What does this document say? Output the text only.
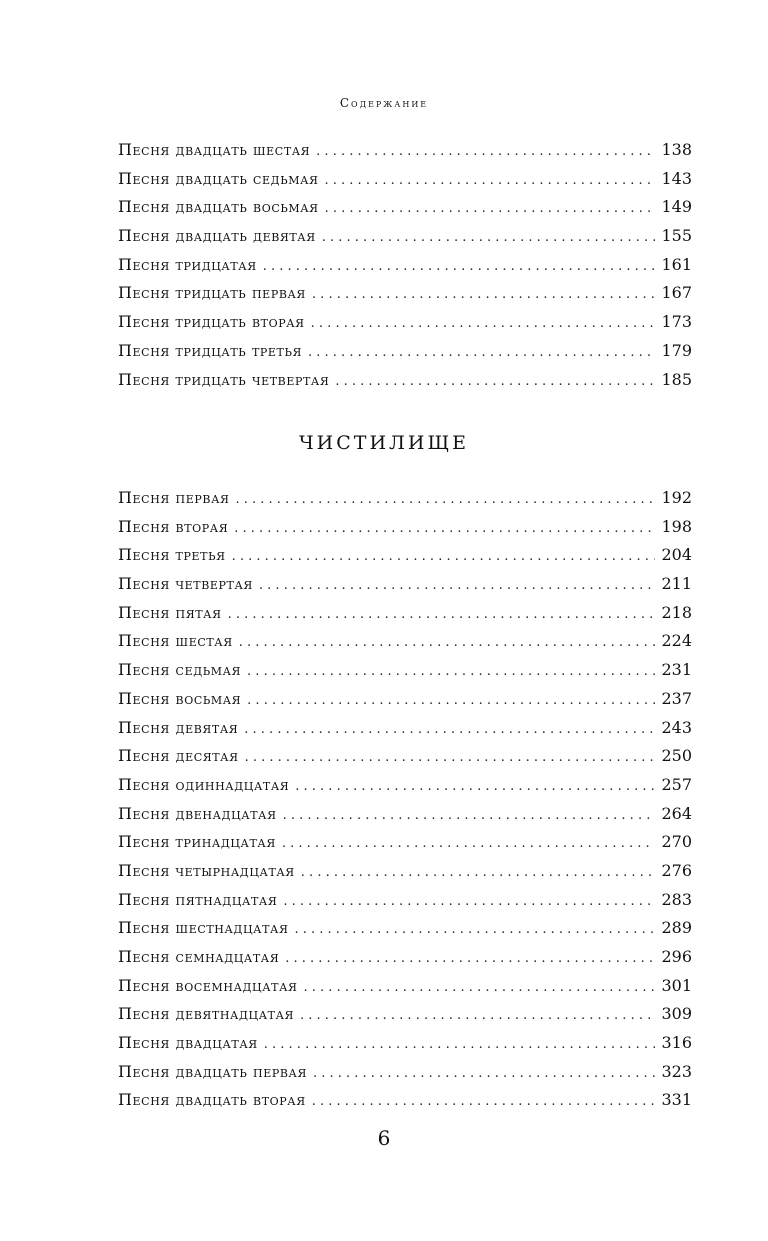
Содержание
Песня двадцать шестая . . .	138
Песня двадцать седьмая . . .	143
Песня двадцать восьмая . . .	149
Песня двадцать девятая . . .	155
Песня тридцатая . . .	161
Песня тридцать первая . . .	167
Песня тридцать вторая . . .	173
Песня тридцать третья . . .	179
Песня тридцать четвертая . . .	185
ЧИСТИЛИЩЕ
Песня первая . . .	192
Песня вторая . . .	198
Песня третья . . .	204
Песня четвертая . . .	211
Песня пятая . . .	218
Песня шестая . . .	224
Песня седьмая . . .	231
Песня восьмая . . .	237
Песня девятая . . .	243
Песня десятая . . .	250
Песня одиннадцатая . . .	257
Песня двенадцатая . . .	264
Песня тринадцатая . . .	270
Песня четырнадцатая . . .	276
Песня пятнадцатая . . .	283
Песня шестнадцатая . . .	289
Песня семнадцатая . . .	296
Песня восемнадцатая . . .	301
Песня девятнадцатая . . .	309
Песня двадцатая . . .	316
Песня двадцать первая . . .	323
Песня двадцать вторая . . .	331
6
